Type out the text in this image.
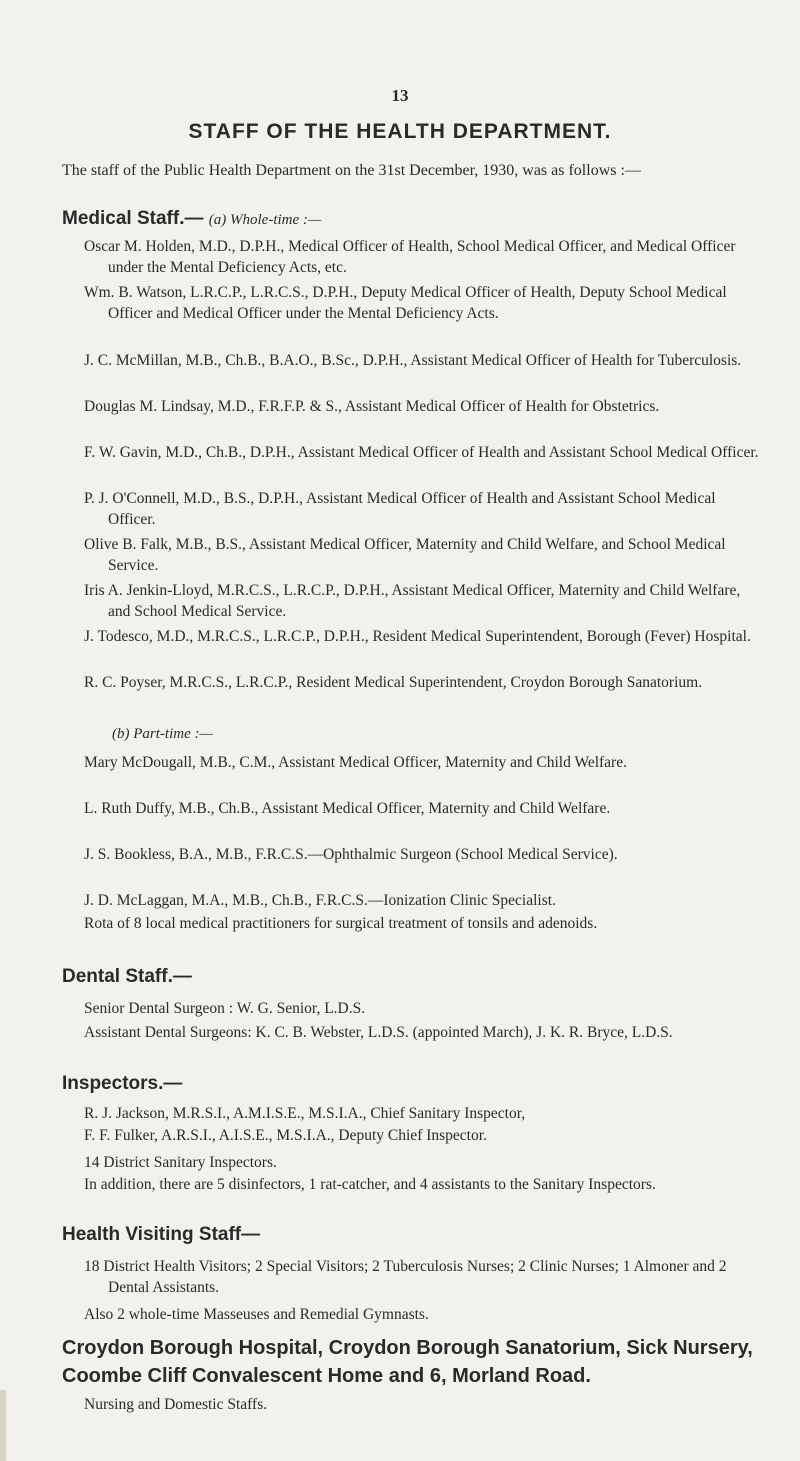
13
STAFF OF THE HEALTH DEPARTMENT.
The staff of the Public Health Department on the 31st December, 1930, was as follows :—
Medical Staff.— (a) Whole-time :—
Oscar M. Holden, M.D., D.P.H., Medical Officer of Health, School Medical Officer, and Medical Officer under the Mental Deficiency Acts, etc.
Wm. B. Watson, L.R.C.P., L.R.C.S., D.P.H., Deputy Medical Officer of Health, Deputy School Medical Officer and Medical Officer under the Mental Deficiency Acts.
J. C. McMillan, M.B., Ch.B., B.A.O., B.Sc., D.P.H., Assistant Medical Officer of Health for Tuberculosis.
Douglas M. Lindsay, M.D., F.R.F.P. & S., Assistant Medical Officer of Health for Obstetrics.
F. W. Gavin, M.D., Ch.B., D.P.H., Assistant Medical Officer of Health and Assistant School Medical Officer.
P. J. O'Connell, M.D., B.S., D.P.H., Assistant Medical Officer of Health and Assistant School Medical Officer.
Olive B. Falk, M.B., B.S., Assistant Medical Officer, Maternity and Child Welfare, and School Medical Service.
Iris A. Jenkin-Lloyd, M.R.C.S., L.R.C.P., D.P.H., Assistant Medical Officer, Maternity and Child Welfare, and School Medical Service.
J. Todesco, M.D., M.R.C.S., L.R.C.P., D.P.H., Resident Medical Superintendent, Borough (Fever) Hospital.
R. C. Poyser, M.R.C.S., L.R.C.P., Resident Medical Superintendent, Croydon Borough Sanatorium.
(b) Part-time :—
Mary McDougall, M.B., C.M., Assistant Medical Officer, Maternity and Child Welfare.
L. Ruth Duffy, M.B., Ch.B., Assistant Medical Officer, Maternity and Child Welfare.
J. S. Bookless, B.A., M.B., F.R.C.S.—Ophthalmic Surgeon (School Medical Service).
J. D. McLaggan, M.A., M.B., Ch.B., F.R.C.S.—Ionization Clinic Specialist.
Rota of 8 local medical practitioners for surgical treatment of tonsils and adenoids.
Dental Staff.—
Senior Dental Surgeon : W. G. Senior, L.D.S.
Assistant Dental Surgeons: K. C. B. Webster, L.D.S. (appointed March), J. K. R. Bryce, L.D.S.
Inspectors.—
R. J. Jackson, M.R.S.I., A.M.I.S.E., M.S.I.A., Chief Sanitary Inspector,
F. F. Fulker, A.R.S.I., A.I.S.E., M.S.I.A., Deputy Chief Inspector.
14 District Sanitary Inspectors.
In addition, there are 5 disinfectors, 1 rat-catcher, and 4 assistants to the Sanitary Inspectors.
Health Visiting Staff—
18 District Health Visitors; 2 Special Visitors; 2 Tuberculosis Nurses; 2 Clinic Nurses; 1 Almoner and 2 Dental Assistants.
Also 2 whole-time Masseuses and Remedial Gymnasts.
Croydon Borough Hospital, Croydon Borough Sanatorium, Sick Nursery, Coombe Cliff Convalescent Home and 6, Morland Road.
Nursing and Domestic Staffs.
